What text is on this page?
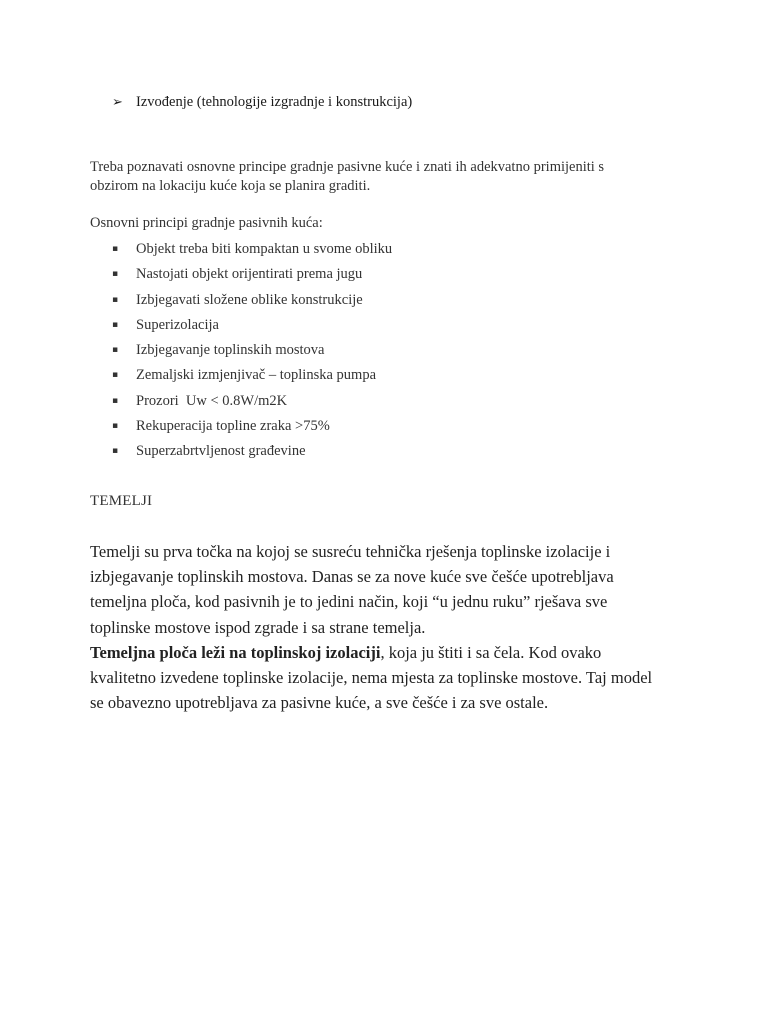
➢ Izvođenje (tehnologije izgradnje i konstrukcija)
Treba poznavati osnovne principe gradnje pasivne kuće i znati ih adekvatno primijeniti s
obzirom na lokaciju kuće koja se planira graditi.
Osnovni principi gradnje pasivnih kuća:
▪ Objekt treba biti kompaktan u svome obliku
▪ Nastojati objekt orijentirati prema jugu
▪ Izbjegavati složene oblike konstrukcije
▪ Superizolacija
▪ Izbjegavanje toplinskih mostova
▪ Zemaljski izmjenjivač – toplinska pumpa
▪ Prozori  Uw < 0.8W/m2K
▪ Rekuperacija topline zraka >75%
▪ Superzabrtvljenost građevine
TEMELJI

Temelji su prva točka na kojoj se susreću tehnička rješenja toplinske izolacije i
izbjegavanje toplinskih mostova. Danas se za nove kuće sve češće upotrebljava
temeljna ploča, kod pasivnih je to jedini način, koji “u jednu ruku” rješava sve
toplinske mostove ispod zgrade i sa strane temelja.
Temeljna ploča leži na toplinskoj izolaciji, koja ju štiti i sa čela. Kod ovako
kvalitetno izvedene toplinske izolacije, nema mjesta za toplinske mostove. Taj model
se obavezno upotrebljava za pasivne kuće, a sve češće i za sve ostale.
